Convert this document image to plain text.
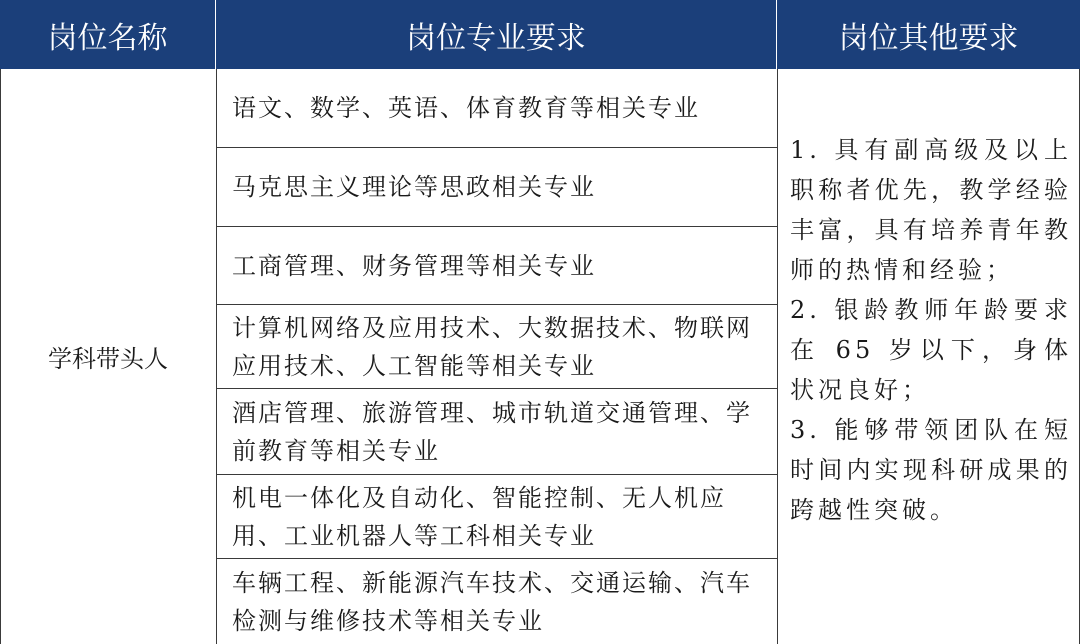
岗位名称	岗位专业要求	岗位其他要求
学科带头人
语文、数学、英语、体育教育等相关专业
马克思主义理论等思政相关专业
工商管理、财务管理等相关专业
计算机网络及应用技术、大数据技术、物联网应用技术、人工智能等相关专业
酒店管理、旅游管理、城市轨道交通管理、学前教育等相关专业
机电一体化及自动化、智能控制、无人机应用、工业机器人等工科相关专业
车辆工程、新能源汽车技术、交通运输、汽车检测与维修技术等相关专业

1. 具有副高级及以上职称者优先，教学经验丰富，具有培养青年教师的热情和经验；

2. 银龄教师年龄要求在 65 岁以下，身体状况良好；

3. 能够带领团队在短时间内实现科研成果的跨越性突破。
